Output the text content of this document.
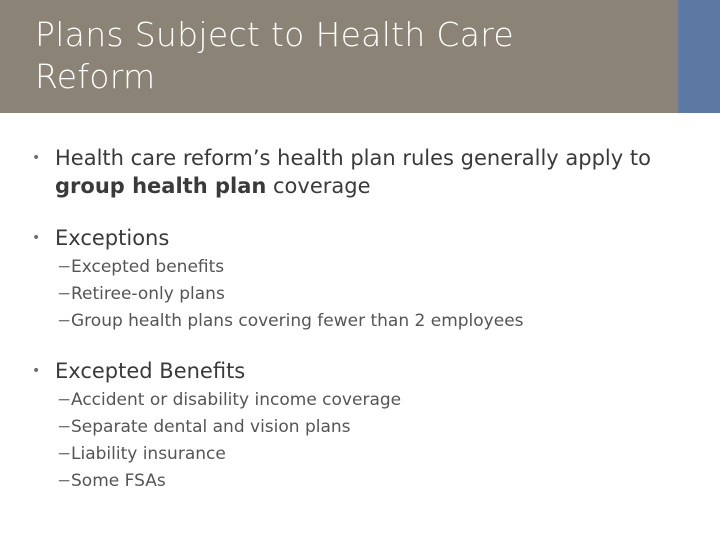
Plans Subject to Health Care
Reform
• Health care reform’s health plan rules generally apply to group health plan coverage
• Exceptions
−Excepted benefits
−Retiree-only plans
−Group health plans covering fewer than 2 employees
• Excepted Benefits
−Accident or disability income coverage
−Separate dental and vision plans
−Liability insurance
−Some FSAs
